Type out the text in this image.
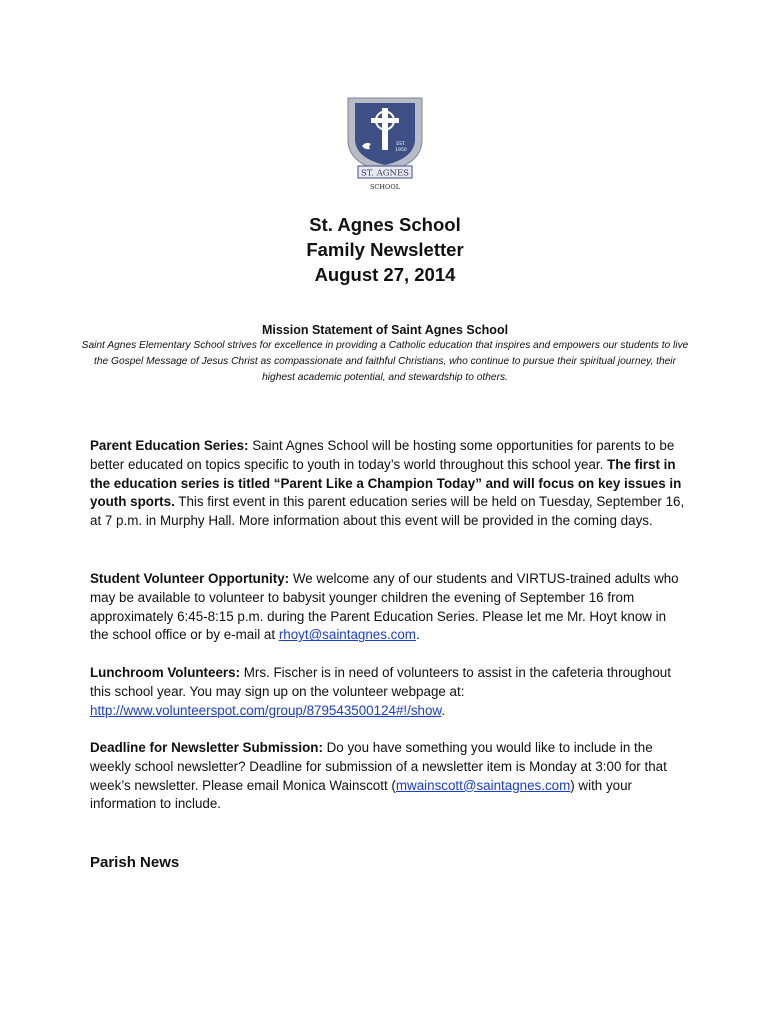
EST.
1950
ST. AGNES
SCHOOL
St. Agnes School
Family Newsletter
August 27, 2014
Mission Statement of Saint Agnes School
Saint Agnes Elementary School strives for excellence in providing a Catholic education that inspires and empowers our students to live the Gospel Message of Jesus Christ as compassionate and faithful Christians, who continue to pursue their spiritual journey, their highest academic potential, and stewardship to others.
Parent Education Series: Saint Agnes School will be hosting some opportunities for parents to be better educated on topics specific to youth in today’s world throughout this school year. The first in the education series is titled “Parent Like a Champion Today” and will focus on key issues in youth sports. This first event in this parent education series will be held on Tuesday, September 16, at 7 p.m. in Murphy Hall. More information about this event will be provided in the coming days.
Student Volunteer Opportunity: We welcome any of our students and VIRTUS-trained adults who may be available to volunteer to babysit younger children the evening of September 16 from approximately 6:45-8:15 p.m. during the Parent Education Series. Please let me Mr. Hoyt know in the school office or by e-mail at rhoyt@saintagnes.com.
Lunchroom Volunteers: Mrs. Fischer is in need of volunteers to assist in the cafeteria throughout this school year. You may sign up on the volunteer webpage at: http://www.volunteerspot.com/group/879543500124#!/show.
Deadline for Newsletter Submission: Do you have something you would like to include in the weekly school newsletter? Deadline for submission of a newsletter item is Monday at 3:00 for that week’s newsletter. Please email Monica Wainscott (mwainscott@saintagnes.com) with your information to include.
Parish News
